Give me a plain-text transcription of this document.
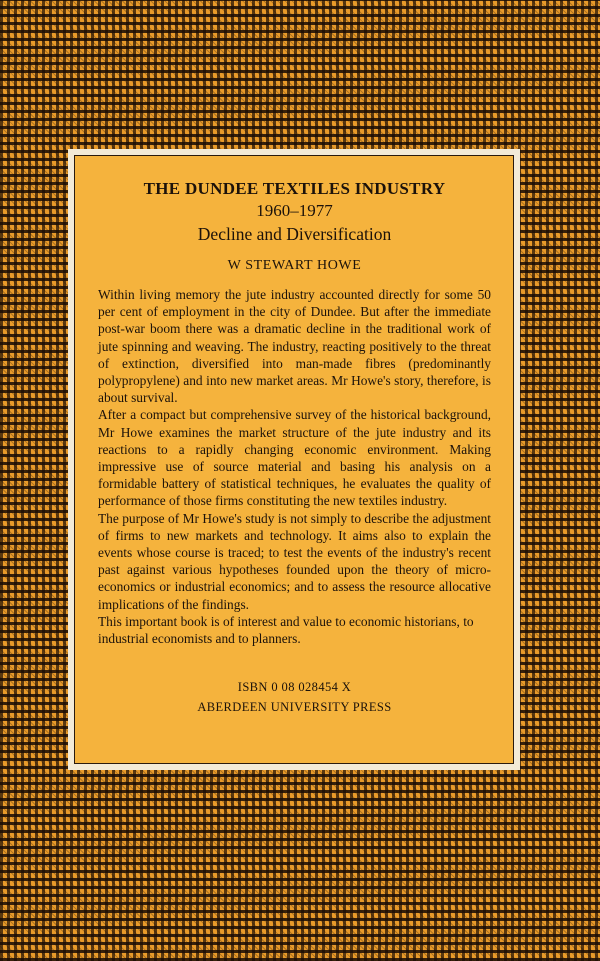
THE DUNDEE TEXTILES INDUSTRY
1960–1977
Decline and Diversification
W STEWART HOWE

Within living memory the jute industry accounted directly for some 50 per cent of employment in the city of Dundee. But after the immediate post-war boom there was a dramatic decline in the traditional work of jute spinning and weaving. The industry, reacting positively to the threat of extinction, diversified into man-made fibres (predominantly polypropylene) and into new market areas. Mr Howe's story, therefore, is about survival.

After a compact but comprehensive survey of the historical background, Mr Howe examines the market structure of the jute industry and its reactions to a rapidly changing economic environment. Making impressive use of source material and basing his analysis on a formidable battery of statistical techniques, he evaluates the quality of performance of those firms constituting the new textiles industry.

The purpose of Mr Howe's study is not simply to describe the adjustment of firms to new markets and technology. It aims also to explain the events whose course is traced; to test the events of the industry's recent past against various hypotheses founded upon the theory of micro-economics or industrial economics; and to assess the resource allocative implications of the findings.

This important book is of interest and value to economic historians, to industrial economists and to planners.

ISBN 0 08 028454 X
ABERDEEN UNIVERSITY PRESS
